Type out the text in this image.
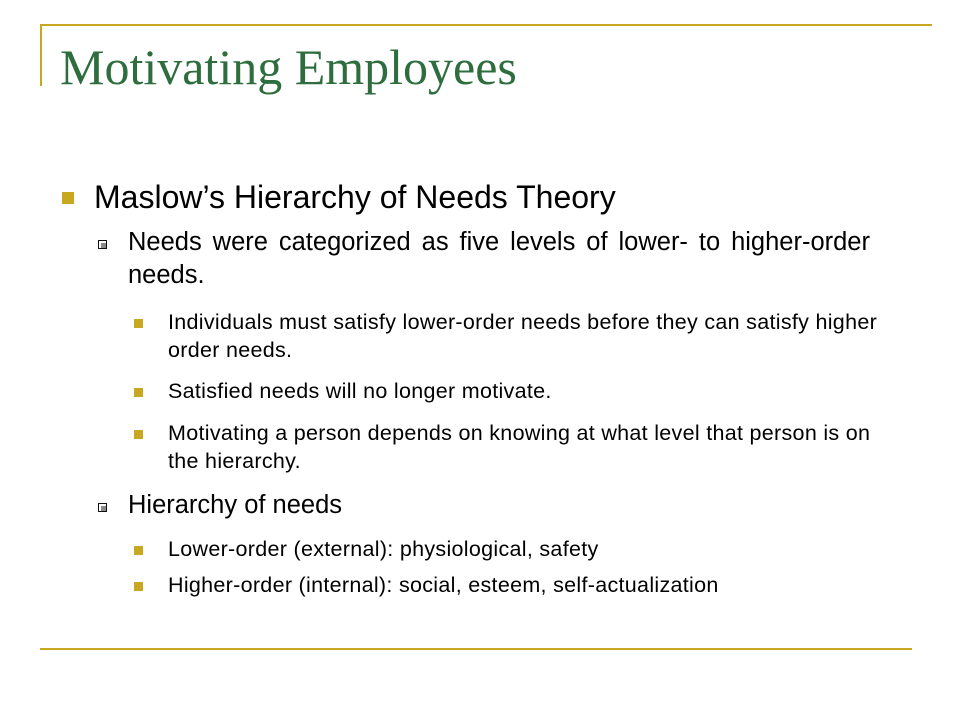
Motivating Employees
Maslow’s Hierarchy of Needs Theory
Needs were categorized as five levels of lower- to higher-order needs.
Individuals must satisfy lower-order needs before they can satisfy higher order needs.
Satisfied needs will no longer motivate.
Motivating a person depends on knowing at what level that person is on the hierarchy.
Hierarchy of needs
Lower-order (external): physiological, safety
Higher-order (internal): social, esteem, self-actualization
